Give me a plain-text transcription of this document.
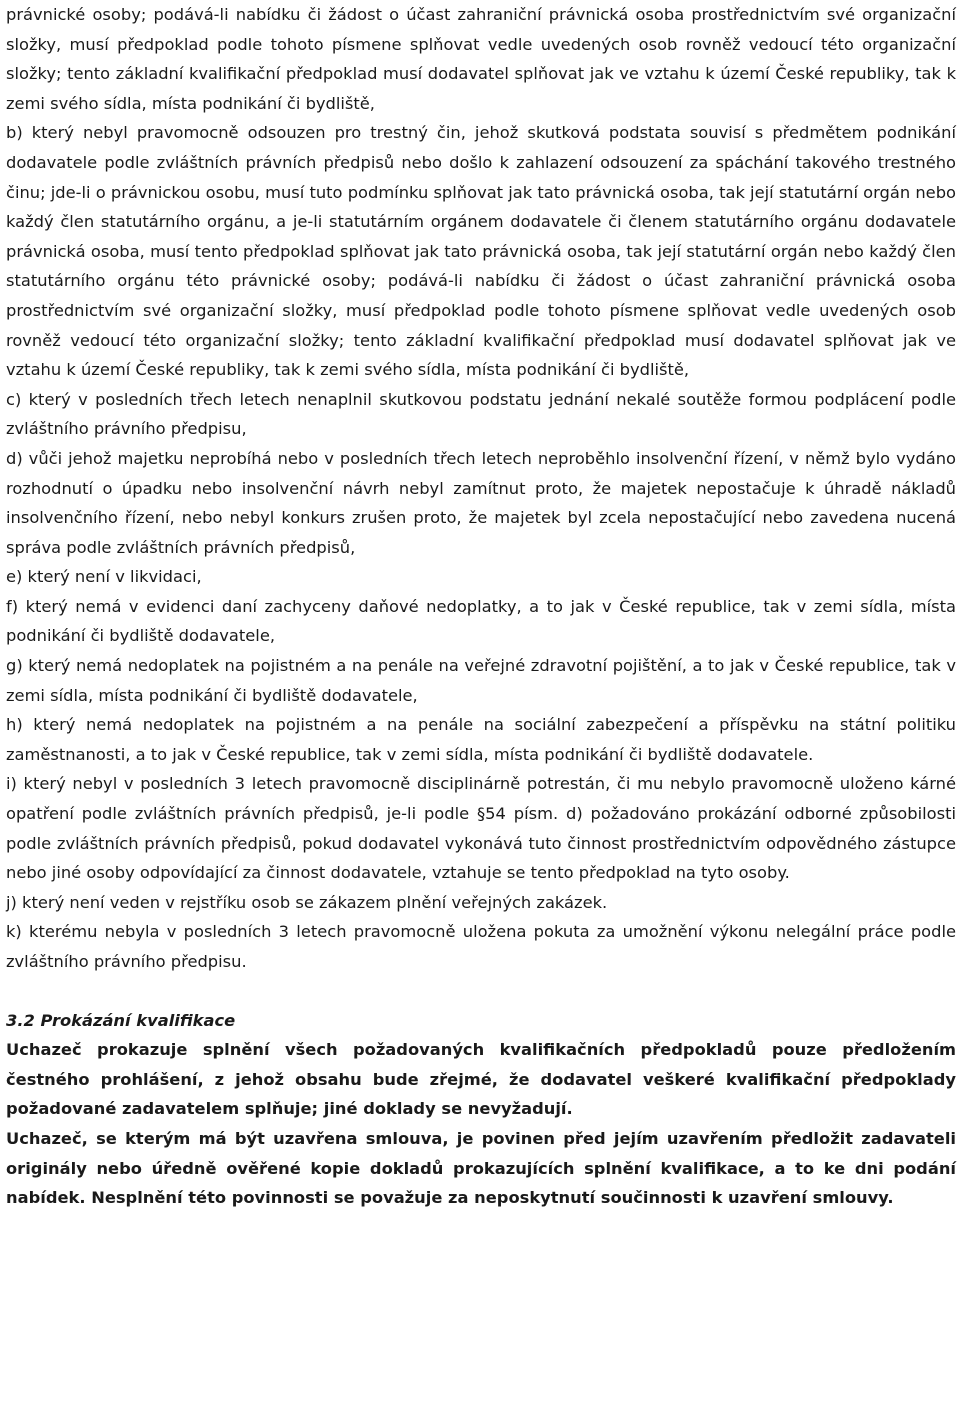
právnické osoby; podává-li nabídku či žádost o účast zahraniční právnická osoba prostřednictvím své organizační složky, musí předpoklad podle tohoto písmene splňovat vedle uvedených osob rovněž vedoucí této organizační složky; tento základní kvalifikační předpoklad musí dodavatel splňovat jak ve vztahu k území České republiky, tak k zemi svého sídla, místa podnikání či bydliště,

b) který nebyl pravomocně odsouzen pro trestný čin, jehož skutková podstata souvisí s předmětem podnikání dodavatele podle zvláštních právních předpisů nebo došlo k zahlazení odsouzení za spáchání takového trestného činu; jde-li o právnickou osobu, musí tuto podmínku splňovat jak tato právnická osoba, tak její statutární orgán nebo každý člen statutárního orgánu, a je-li statutárním orgánem dodavatele či členem statutárního orgánu dodavatele právnická osoba, musí tento předpoklad splňovat jak tato právnická osoba, tak její statutární orgán nebo každý člen statutárního orgánu této právnické osoby; podává-li nabídku či žádost o účast zahraniční právnická osoba prostřednictvím své organizační složky, musí předpoklad podle tohoto písmene splňovat vedle uvedených osob rovněž vedoucí této organizační složky; tento základní kvalifikační předpoklad musí dodavatel splňovat jak ve vztahu k území České republiky, tak k zemi svého sídla, místa podnikání či bydliště,

c) který v posledních třech letech nenaplnil skutkovou podstatu jednání nekalé soutěže formou podplácení podle zvláštního právního předpisu,

d) vůči jehož majetku neprobíhá nebo v posledních třech letech neproběhlo insolvenční řízení, v němž bylo vydáno rozhodnutí o úpadku nebo insolvenční návrh nebyl zamítnut proto, že majetek nepostačuje k úhradě nákladů insolvenčního řízení, nebo nebyl konkurs zrušen proto, že majetek byl zcela nepostačující nebo zavedena nucená správa podle zvláštních právních předpisů,

e) který není v likvidaci,

f) který nemá v evidenci daní zachyceny daňové nedoplatky, a to jak v České republice, tak v zemi sídla, místa podnikání či bydliště dodavatele,

g) který nemá nedoplatek na pojistném a na penále na veřejné zdravotní pojištění, a to jak v České republice, tak v zemi sídla, místa podnikání či bydliště dodavatele,

h) který nemá nedoplatek na pojistném a na penále na sociální zabezpečení a příspěvku na státní politiku zaměstnanosti, a to jak v České republice, tak v zemi sídla, místa podnikání či bydliště dodavatele.

i) který nebyl v posledních 3 letech pravomocně disciplinárně potrestán, či mu nebylo pravomocně uloženo kárné opatření podle zvláštních právních předpisů, je-li podle §54 písm. d) požadováno prokázání odborné způsobilosti podle zvláštních právních předpisů, pokud dodavatel vykonává tuto činnost prostřednictvím odpovědného zástupce nebo jiné osoby odpovídající za činnost dodavatele, vztahuje se tento předpoklad na tyto osoby.

j) který není veden v rejstříku osob se zákazem plnění veřejných zakázek.

k) kterému nebyla v posledních 3 letech pravomocně uložena pokuta za umožnění výkonu nelegální práce podle zvláštního právního předpisu.

3.2 Prokázání kvalifikace

Uchazeč prokazuje splnění všech požadovaných kvalifikačních předpokladů pouze předložením čestného prohlášení, z jehož obsahu bude zřejmé, že dodavatel veškeré kvalifikační předpoklady požadované zadavatelem splňuje; jiné doklady se nevyžadují.

Uchazeč, se kterým má být uzavřena smlouva, je povinen před jejím uzavřením předložit zadavateli originály nebo úředně ověřené kopie dokladů prokazujících splnění kvalifikace, a to ke dni podání nabídek. Nesplnění této povinnosti se považuje za neposkytnutí součinnosti k uzavření smlouvy.
